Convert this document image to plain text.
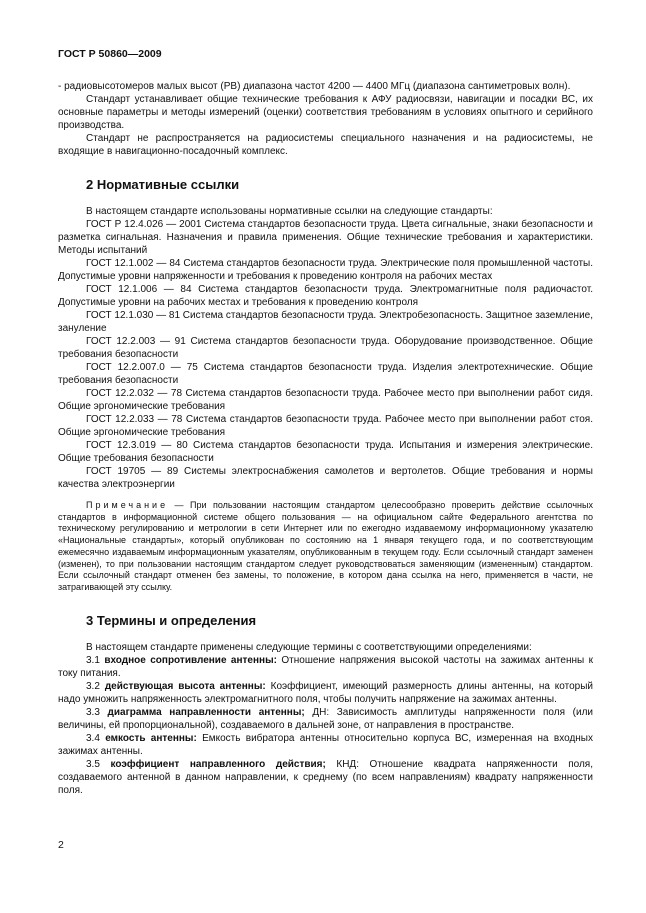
ГОСТ Р 50860—2009

- радиовысотомеров малых высот (РВ) диапазона частот 4200 — 4400 МГц (диапазона сантиметровых волн).

Стандарт устанавливает общие технические требования к АФУ радиосвязи, навигации и посадки ВС, их основные параметры и методы измерений (оценки) соответствия требованиям в условиях опытного и серийного производства.

Стандарт не распространяется на радиосистемы специального назначения и на радиосистемы, не входящие в навигационно-посадочный комплекс.

2 Нормативные ссылки

В настоящем стандарте использованы нормативные ссылки на следующие стандарты:

ГОСТ Р 12.4.026 — 2001 Система стандартов безопасности труда. Цвета сигнальные, знаки безопасности и разметка сигнальная. Назначения и правила применения. Общие технические требования и характеристики. Методы испытаний

ГОСТ 12.1.002 — 84 Система стандартов безопасности труда. Электрические поля промышленной частоты. Допустимые уровни напряженности и требования к проведению контроля на рабочих местах

ГОСТ 12.1.006 — 84 Система стандартов безопасности труда. Электромагнитные поля радиочастот. Допустимые уровни на рабочих местах и требования к проведению контроля

ГОСТ 12.1.030 — 81 Система стандартов безопасности труда. Электробезопасность. Защитное заземление, зануление

ГОСТ 12.2.003 — 91 Система стандартов безопасности труда. Оборудование производственное. Общие требования безопасности

ГОСТ 12.2.007.0 — 75 Система стандартов безопасности труда. Изделия электротехнические. Общие требования безопасности

ГОСТ 12.2.032 — 78 Система стандартов безопасности труда. Рабочее место при выполнении работ сидя. Общие эргономические требования

ГОСТ 12.2.033 — 78 Система стандартов безопасности труда. Рабочее место при выполнении работ стоя. Общие эргономические требования

ГОСТ 12.3.019 — 80 Система стандартов безопасности труда. Испытания и измерения электрические. Общие требования безопасности

ГОСТ 19705 — 89 Системы электроснабжения самолетов и вертолетов. Общие требования и нормы качества электроэнергии

Примечание — При пользовании настоящим стандартом целесообразно проверить действие ссылочных стандартов в информационной системе общего пользования — на официальном сайте Федерального агентства по техническому регулированию и метрологии в сети Интернет или по ежегодно издаваемому информационному указателю «Национальные стандарты», который опубликован по состоянию на 1 января текущего года, и по соответствующим ежемесячно издаваемым информационным указателям, опубликованным в текущем году. Если ссылочный стандарт заменен (изменен), то при пользовании настоящим стандартом следует руководствоваться заменяющим (измененным) стандартом. Если ссылочный стандарт отменен без замены, то положение, в котором дана ссылка на него, применяется в части, не затрагивающей эту ссылку.

3 Термины и определения

В настоящем стандарте применены следующие термины с соответствующими определениями:

3.1 входное сопротивление антенны: Отношение напряжения высокой частоты на зажимах антенны к току питания.

3.2 действующая высота антенны: Коэффициент, имеющий размерность длины антенны, на который надо умножить напряженность электромагнитного поля, чтобы получить напряжение на зажимах антенны.

3.3 диаграмма направленности антенны; ДН: Зависимость амплитуды напряженности поля (или величины, ей пропорциональной), создаваемого в дальней зоне, от направления в пространстве.

3.4 емкость антенны: Емкость вибратора антенны относительно корпуса ВС, измеренная на входных зажимах антенны.

3.5 коэффициент направленного действия; КНД: Отношение квадрата напряженности поля, создаваемого антенной в данном направлении, к среднему (по всем направлениям) квадрату напряженности поля.

2
